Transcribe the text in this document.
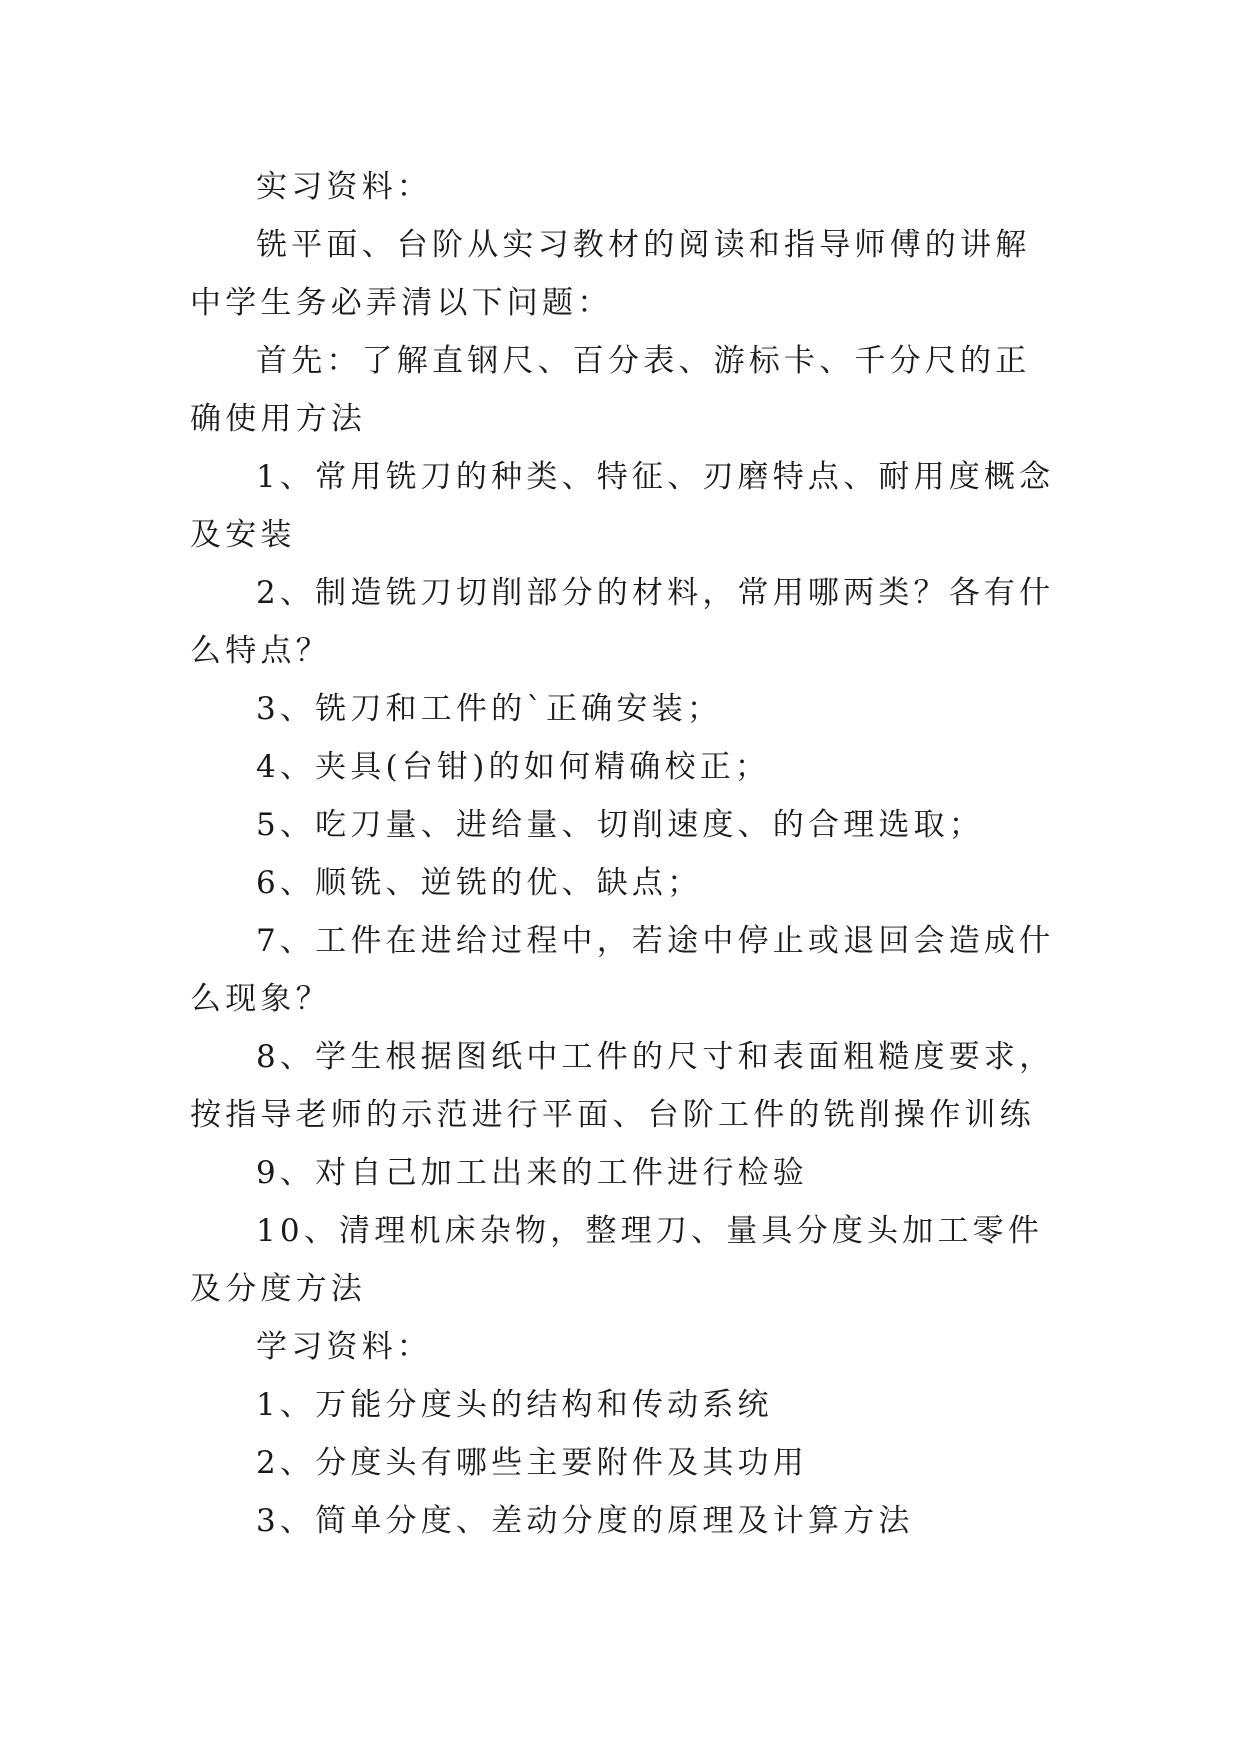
实习资料：

铣平面、台阶从实习教材的阅读和指导师傅的讲解中学生务必弄清以下问题：

首先：了解直钢尺、百分表、游标卡、千分尺的正确使用方法

1、常用铣刀的种类、特征、刃磨特点、耐用度概念及安装

2、制造铣刀切削部分的材料，常用哪两类？各有什么特点？

3、铣刀和工件的`正确安装；

4、夹具(台钳)的如何精确校正；

5、吃刀量、进给量、切削速度、的合理选取；

6、顺铣、逆铣的优、缺点；

7、工件在进给过程中，若途中停止或退回会造成什么现象？

8、学生根据图纸中工件的尺寸和表面粗糙度要求，按指导老师的示范进行平面、台阶工件的铣削操作训练

9、对自己加工出来的工件进行检验

10、清理机床杂物，整理刀、量具分度头加工零件及分度方法

学习资料：

1、万能分度头的结构和传动系统

2、分度头有哪些主要附件及其功用

3、简单分度、差动分度的原理及计算方法
